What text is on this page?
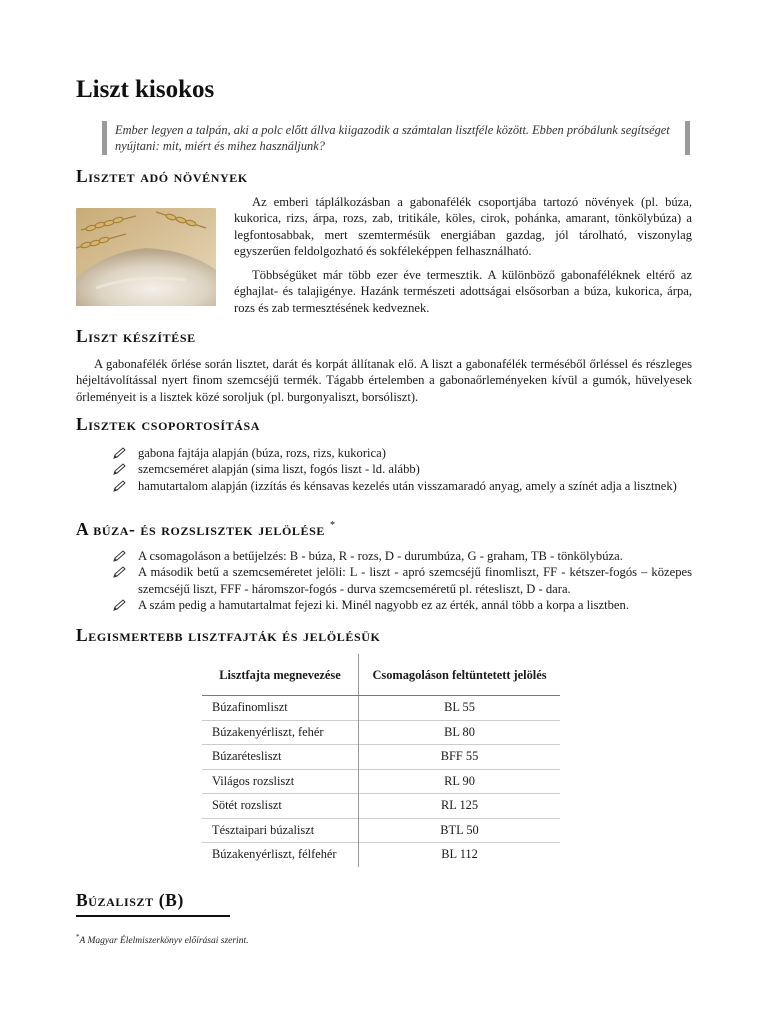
Liszt kisokos
Ember legyen a talpán, aki a polc előtt állva kiigazodik a számtalan lisztféle között. Ebben próbálunk segítséget nyújtani: mit, miért és mihez használjunk?
Lisztet adó növények

Az emberi táplálkozásban a gabonafélék csoportjába tartozó növények (pl. búza, kukorica, rizs, árpa, rozs, zab, tritikále, köles, cirok, pohánka, amarant, tönkölybúza) a legfontosabbak, mert szemtermésük energiában gazdag, jól tárolható, viszonylag egyszerűen feldolgozható és sokféleképpen felhasználható.

Többségüket már több ezer éve termesztik. A különböző gabonaféléknek eltérő az éghajlat- és talajigénye. Hazánk természeti adottságai elsősorban a búza, kukorica, árpa, rozs és zab termesztésének kedveznek.

Liszt készítése

A gabonafélék őrlése során lisztet, darát és korpát állítanak elő. A liszt a gabonafélék terméséből őrléssel és részleges héjeltávolítással nyert finom szemcséjű termék. Tágabb értelemben a gabonaőrleményeken kívül a gumók, hüvelyesek őrleményeit is a lisztek közé soroljuk (pl. burgonyaliszt, borsóliszt).

Lisztek csoportosítása
gabona fajtája alapján (búza, rozs, rizs, kukorica)
szemcseméret alapján (sima liszt, fogós liszt - ld. alább)
hamutartalom alapján (izzítás és kénsavas kezelés után visszamaradó anyag, amely a színét adja a lisztnek)
A búza- és rozslisztek jelölése *
A csomagoláson a betűjelzés: B - búza, R - rozs, D - durumbúza, G - graham, TB - tönkölybúza.
A második betű a szemcseméretet jelöli: L - liszt - apró szemcséjű finomliszt, FF - kétszer-fogós – közepes szemcséjű liszt, FFF - háromszor-fogós - durva szemcseméretű pl. rétesliszt, D - dara.
A szám pedig a hamutartalmat fejezi ki. Minél nagyobb ez az érték, annál több a korpa a lisztben.
Legismertebb lisztfajták és jelölésük
Lisztfajta megnevezése	Csomagoláson feltüntetett jelölés
Búzafinomliszt	BL 55
Búzakenyérliszt, fehér	BL 80
Búzarétesliszt	BFF 55
Világos rozsliszt	RL 90
Sötét rozsliszt	RL 125
Tésztaipari búzaliszt	BTL 50
Búzakenyérliszt, félfehér	BL 112
Búzaliszt (B)
*A Magyar Élelmiszerkönyv előírásai szerint.
